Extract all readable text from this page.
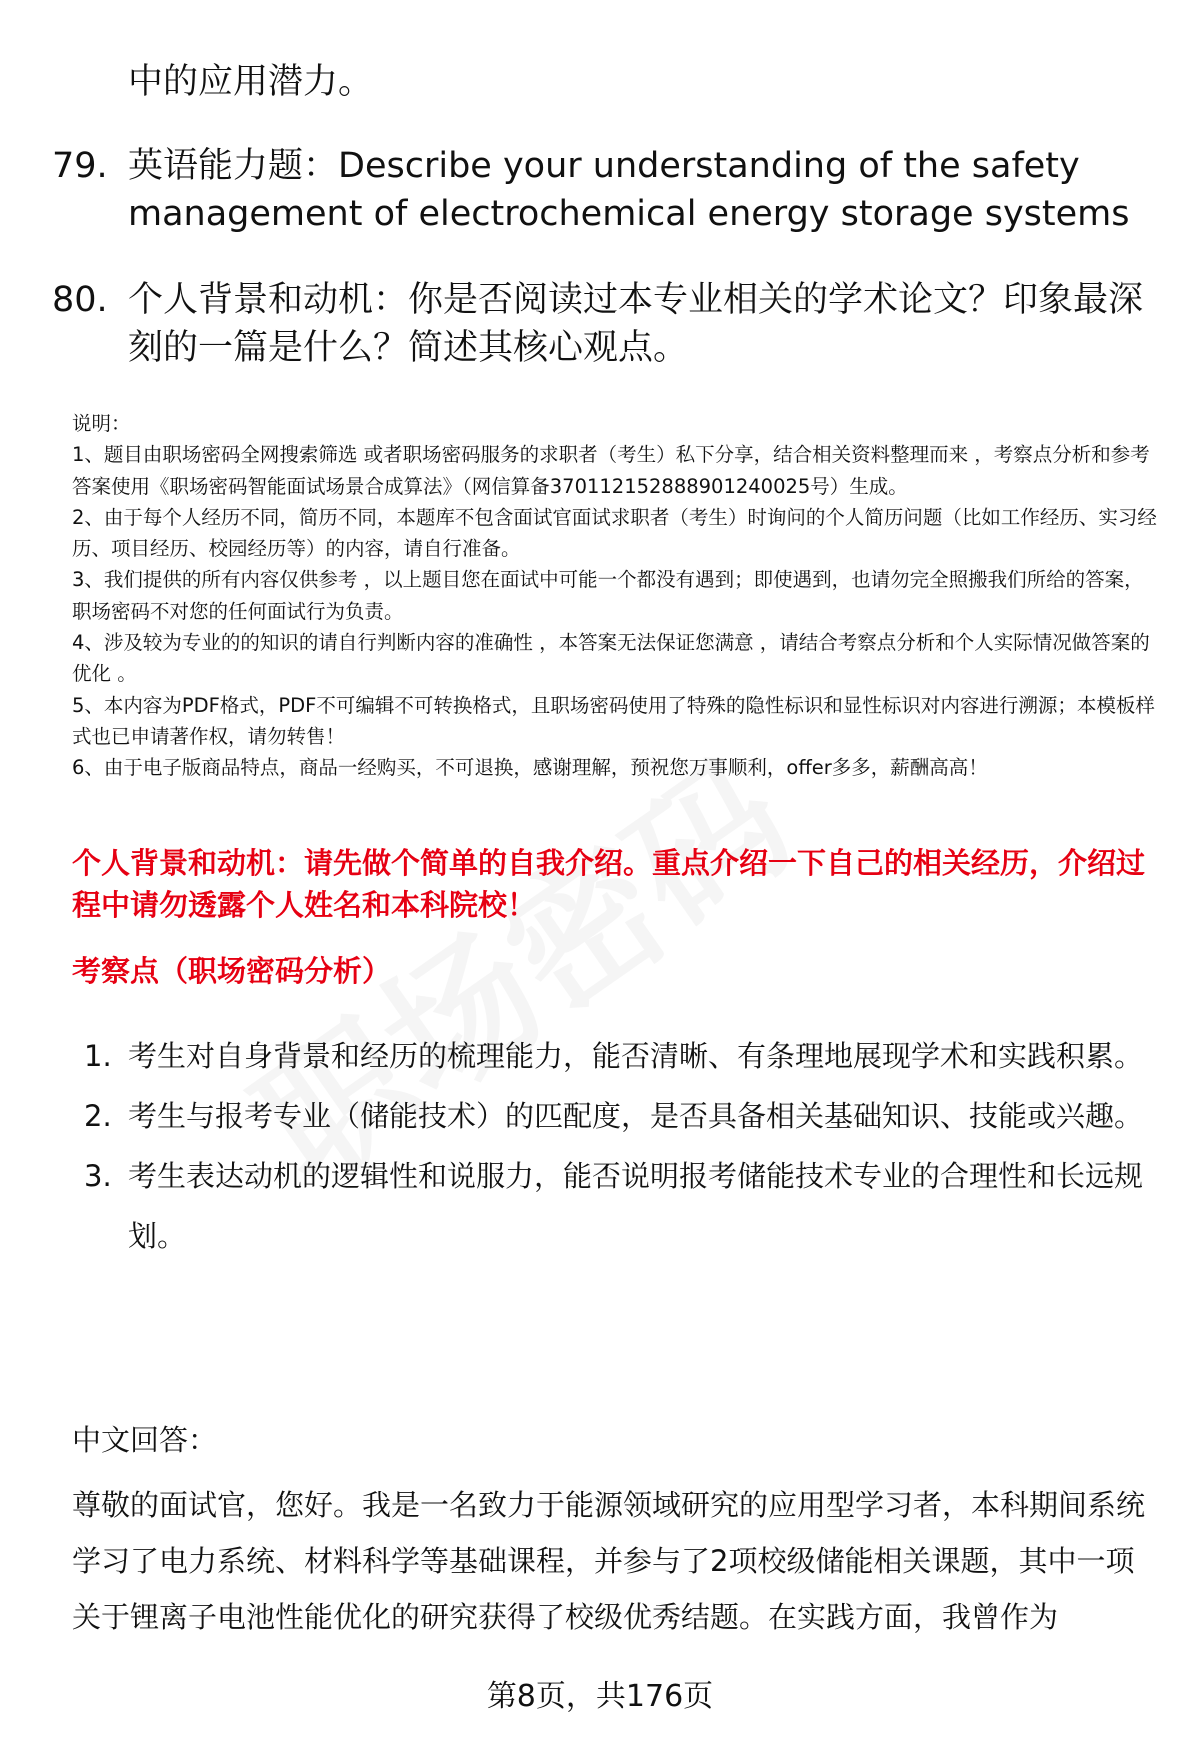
中的应用潜力。
79. 英语能力题：Describe your understanding of the safety management of electrochemical energy storage systems
80. 个人背景和动机：你是否阅读过本专业相关的学术论文？印象最深刻的一篇是什么？简述其核心观点。

说明：

1、题目由职场密码全网搜索筛选 或者职场密码服务的求职者（考生）私下分享，结合相关资料整理而来 ，考察点分析和参考答案使用《职场密码智能面试场景合成算法》（网信算备370112152888901240025号）生成。

2、由于每个人经历不同，简历不同，本题库不包含面试官面试求职者（考生）时询问的个人简历问题（比如工作经历、实习经历、项目经历、校园经历等）的内容，请自行准备。

3、我们提供的所有内容仅供参考 ，以上题目您在面试中可能一个都没有遇到；即使遇到，也请勿完全照搬我们所给的答案，职场密码不对您的任何面试行为负责。

4、涉及较为专业的的知识的请自行判断内容的准确性 ，本答案无法保证您满意 ，请结合考察点分析和个人实际情况做答案的优化 。

5、本内容为PDF格式，PDF不可编辑不可转换格式，且职场密码使用了特殊的隐性标识和显性标识对内容进行溯源；本模板样式也已申请著作权，请勿转售！

6、由于电子版商品特点，商品一经购买，不可退换，感谢理解，预祝您万事顺利，offer多多，薪酬高高！

个人背景和动机：请先做个简单的自我介绍。重点介绍一下自己的相关经历，介绍过程中请勿透露个人姓名和本科院校！
考察点（职场密码分析）
1. 考生对自身背景和经历的梳理能力，能否清晰、有条理地展现学术和实践积累。
2. 考生与报考专业（储能技术）的匹配度，是否具备相关基础知识、技能或兴趣。
3. 考生表达动机的逻辑性和说服力，能否说明报考储能技术专业的合理性和长远规划。
中文回答：
尊敬的面试官，您好。我是一名致力于能源领域研究的应用型学习者，本科期间系统学习了电力系统、材料科学等基础课程，并参与了2项校级储能相关课题，其中一项关于锂离子电池性能优化的研究获得了校级优秀结题。在实践方面，我曾作为
第8页，共176页
